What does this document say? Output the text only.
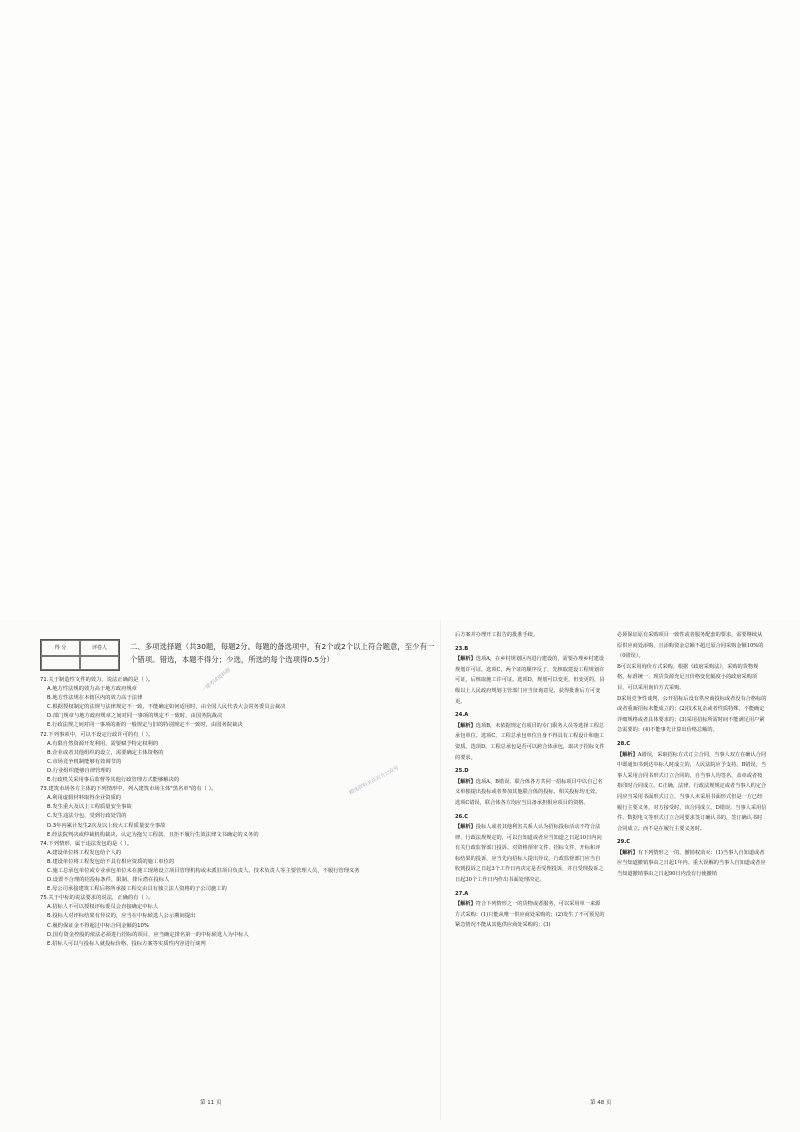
得 分	评卷人	二、多项选择题（共30题，每题2分。每题的备选项中，有2个或2个以上符合题意，至少有一个错项。错选，本题不得分；少选，所选的每个选项得0.5分）
71.关于制造性文件的效力，说法正确的是（ ）。
A.地方性法规的效力高于地方政府规章
B.地方性法规在本辖区内的效力高于法律
C.根据授权制定的法规与法律规定不一致，不能确定如何适用时，由全国人民代表大会常务委员会裁决
D.部门规章与地方政府规章之间对同一事项的规定不一致时，由国务院裁决
E.行政法规之间对同一事项的新的一般规定与旧的特别规定不一致时，由国务院裁决
72.下列事项中，可以不设定行政许可的有（ ）。
A.有限自然资源开发利用，需要赋予特定权利的
B.企业或者其他组织的设立，需要确定主体资格的
C.市场竞争机制能够有效调节的
D.行业组织能够自律管理的
E.行政机关采用事后监督等其他行政管理方式能够解决的
73.建筑市场各方主体的下列情形中，列入建筑市场主体"黑名单"的有（ ）。
A.利用虚假材料取得企业资质的
B.发生重大及以上工程质量安全事故
C.发生违法分包，受到行政处罚的
D.3年内累计发生2次及以上较大工程质量安全事故
E.经法院判决或仲裁机构裁决，认定为拖欠工程款，且拒不履行生效法律文书确定的义务的
74.下列情形，属于违法发包的是（ ）。
A.建设单位将工程发包给个人的
B.建设单位将工程发包给不具有相应资质的施工单位的
C.施工总承包单位或专业承包单位未在施工现场设立项目管理机构或未派驻项目负责人、技术负责人等主要管理人员，不履行管理义务
D.设置不合理的招投标条件，限制、排斥潜在投标人
E.母公司承接建筑工程后将所承接工程交由具有独立法人资格的子公司施工的
75.关于中标的说法要求的说法，正确的有（ ）。
A.招标人不可以授权评标委员会直接确定中标人
B.投标人对评标结果有异议的，应当在中标候选人公示期间提出
C.履约保证金不得超过中标合同金额的10%
D.国有资金控股的依法必须进行招标的项目，应当确定排名第一的中标候选人为中标人
E.招标人可以与投标人就投标价格、投标方案等实质性内容进行谈判
后方案并办理开工报告的批准手续。
23.B
【解析】选项A，在乡村规划区内进行建设的，需要办理乡村建设规划许可证。选项C，两个证的顺序反了，先核取建设工程规划许可证，后核取施工许可证。选项D，规划可以变更，但变更的，县级以上人民政府规划主管部门应当征询意见，获得批准后方可变更。
24.A
【解析】选项B，未依据规定有项目的专门职务人员等选择工程总承包单位。选项C，工程总承包单位自身不得具有工程设计和施工资质。选项D，工程总承包是否可以跨合体承包，取决于招标文件的要求。
25.D
【解析】选项A、B错误，联合体各方共同一招标项目中以自己名义单独提出投标或者参加其他联合体的投标，相关投标均无效。选项C错误，联合体各方均应当具备承担相应项目的资格。
26.C
【解析】投标人或者其他利害关系人认为招标投标活动不符合法律、行政法规规定的，可以自知道或者应当知道之日起10日内向有关行政监督部门投诉。对资格预审文件、招标文件、开标和评标结果的投诉，应当先向招标人提出异议。行政监督部门应当自收到投诉之日起3个工作日内决定是否受理投诉，并自受理投诉之日起30个工作日内作出书面处理决定。
27.A
【解析】符合下列情形之一的货物或者服务，可以采用单一来源方式采购：(1)只能从唯一供应商处采购的；(2)发生了不可预见的紧急情况不能从其他供应商处采购的；(3)
必须保证原有采购项目一致性或者服务配套的要求，需要继续从原供应商处添购，且添购资金总额不超过原合同采购金额10%的（0错误）。
B可以采用询价方式采购。根据《政府采购法》，采购的货物规格、标准统一、现货货源充足且价格变化幅度小的政府采购项目，可以采用询价方式采购。
D采用竞争性谈判，公开招标后没有供应商投标或者没有合格标的或者重新招标未能成立的；(2)技术复杂或者性质特殊，不能确定详细规格或者具体要求的；(3)采用招标所需时间不能满足用户紧急需要的；(4)不能事先计算出价格总额的。
28.C
【解析】A错误，采取招标方式订立合同，当事人双方在确认合同中即通知书到达中标人时成立的，人民法院应予支持。B错误，当事人采用合同书形式订立合同的，自当事人均签名、盖章或者按指印时合同成立。C正确，法律、行政法规规定或者当事人约定合同应当采用书面形式订立，当事人未采用书面形式但是一方已经履行主要义务，对方接受时，该合同成立。D错误，当事人采用信件、数据电文等形式订立合同要求签订确认书的，签订确认书时合同成立。而不是在履行主要义务时。
29.C
【解析】有下列情形之一的，撤销权消灭：(1)当事人自知道或者应当知道撤销事由之日起1年内、重大误解的当事人自知道或者应当知道撤销事由之日起90日内没有行使撤销
一建考试资料群
精选资料关注官方公众号
第 11 页	第 48 页
